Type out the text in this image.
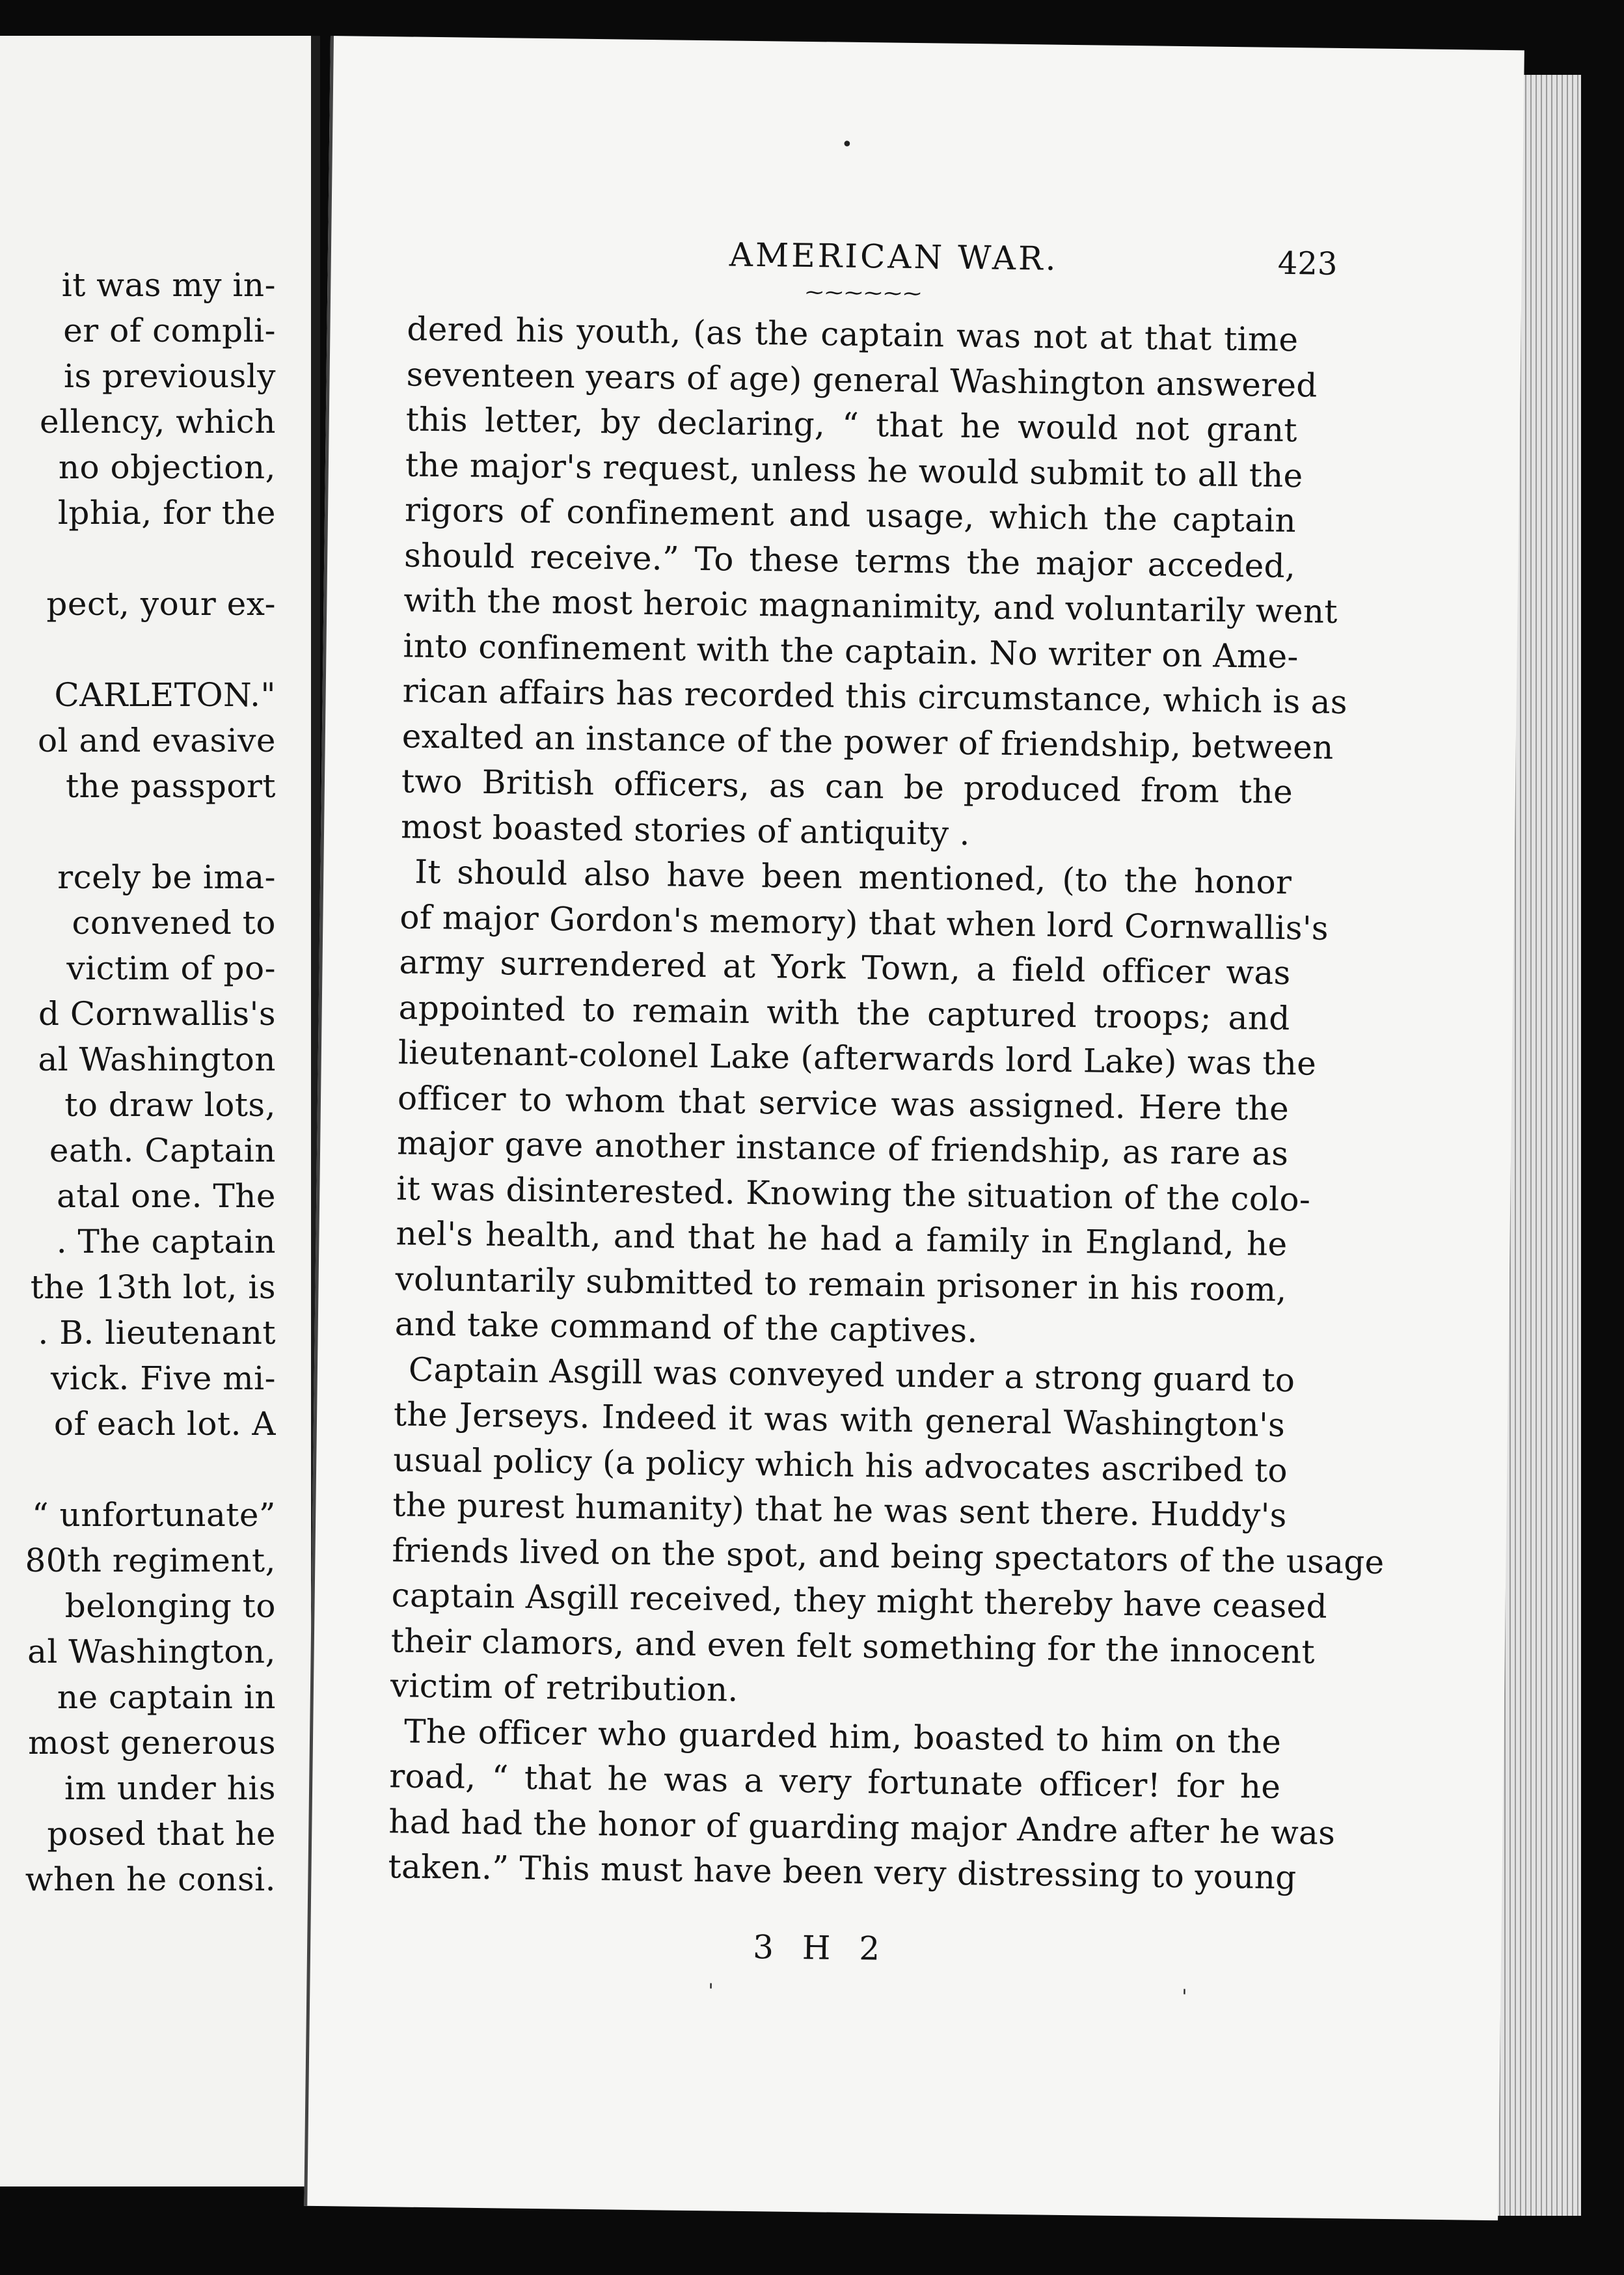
it was my in-
er of compli-
is previously
ellency, which
no objection,
lphia, for the
pect, your ex-
CARLETON."
ol and evasive
the passport
rcely be ima-
convened to
victim of po-
d Cornwallis's
al Washington
to draw lots,
eath. Captain
atal one. The
. The captain
the 13th lot, is
. B. lieutenant
vick. Five mi-
of each lot. A
“ unfortunate”
80th regiment,
belonging to
al Washington,
ne captain in
most generous
im under his
posed that he
when he consi.
AMERICAN WAR.	423
~~~~~~
dered his youth, (as the captain was not at that time
seventeen years of age) general Washington answered
this letter, by declaring, “ that he would not grant
the major's request, unless he would submit to all the
rigors of confinement and usage, which the captain
should receive.” To these terms the major acceded,
with the most heroic magnanimity, and voluntarily went
into confinement with the captain. No writer on Ame-
rican affairs has recorded this circumstance, which is as
exalted an instance of the power of friendship, between
two British officers, as can be produced from the
most boasted stories of antiquity .
It should also have been mentioned, (to the honor
of major Gordon's memory) that when lord Cornwallis's
army surrendered at York Town, a field officer was
appointed to remain with the captured troops; and
lieutenant-colonel Lake (afterwards lord Lake) was the
officer to whom that service was assigned. Here the
major gave another instance of friendship, as rare as
it was disinterested. Knowing the situation of the colo-
nel's health, and that he had a family in England, he
voluntarily submitted to remain prisoner in his room,
and take command of the captives.
Captain Asgill was conveyed under a strong guard to
the Jerseys. Indeed it was with general Washington's
usual policy (a policy which his advocates ascribed to
the purest humanity) that he was sent there. Huddy's
friends lived on the spot, and being spectators of the usage
captain Asgill received, they might thereby have ceased
their clamors, and even felt something for the innocent
victim of retribution.
The officer who guarded him, boasted to him on the
road, “ that he was a very fortunate officer! for he
had had the honor of guarding major Andre after he was
taken.” This must have been very distressing to young
3 H 2
•
'	'
